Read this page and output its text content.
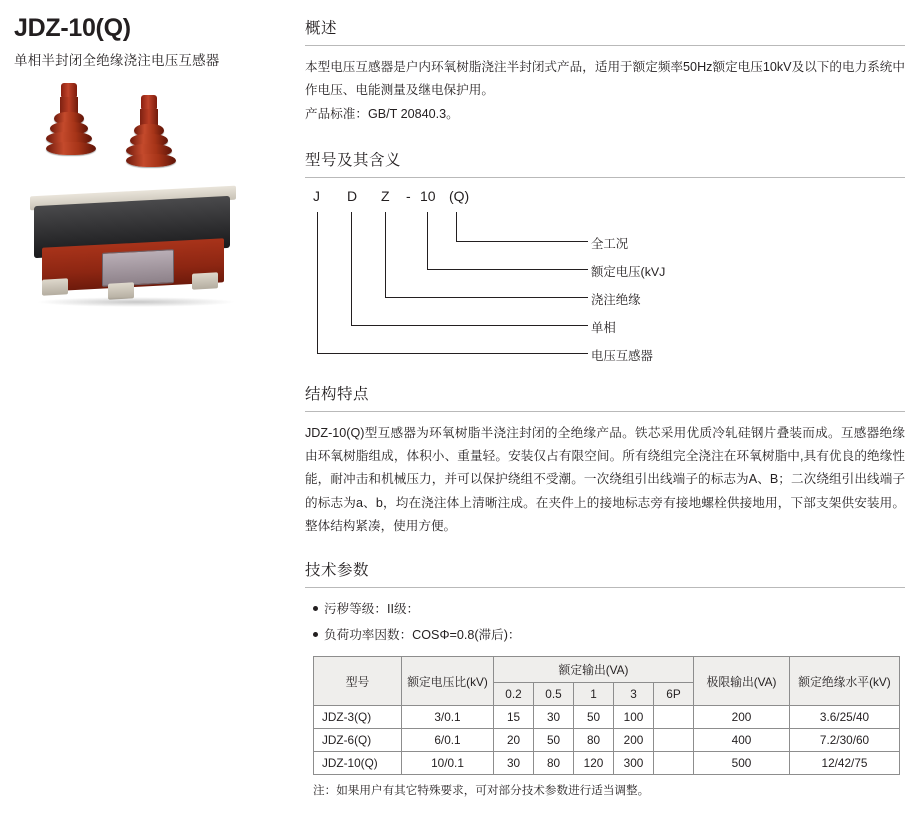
JDZ-10(Q)
单相半封闭全绝缘浇注电压互感器
概述

本型电压互感器是户内环氧树脂浇注半封闭式产品，适用于额定频率50Hz额定电压10kV及以下的电力系统中作电压、电能测量及继电保护用。

产品标准：GB/T 20840.3。

型号及其含义
J D Z - 10 (Q)
全工况
额定电压(kVJ
浇注绝缘
单相
电压互感器
结构特点

JDZ-10(Q)型互感器为环氧树脂半浇注封闭的全绝缘产品。铁芯采用优质冷轧硅钢片叠装而成。互感器绝缘由环氧树脂组成，体积小、重量轻。安装仅占有限空间。所有绕组完全浇注在环氧树脂中,具有优良的绝缘性能，耐冲击和机械压力，并可以保护绕组不受潮。一次绕组引出线端子的标志为A、B；二次绕组引出线端子的标志为a、b，均在浇注体上清晰注成。在夹件上的接地标志旁有接地螺栓供接地用，下部支架供安装用。整体结构紧凑，使用方便。

技术参数
污秽等级：II级：
负荷功率因数：COSΦ=0.8(滞后)：
型号	额定电压比(kV)	额定输出(VA)					极限输出(VA)	额定绝缘水平(kV)
		0.2	0.5	1	3	6P		
JDZ-3(Q)	3/0.1	15	30	50	100		200	3.6/25/40
JDZ-6(Q)	6/0.1	20	50	80	200		400	7.2/30/60
JDZ-10(Q)	10/0.1	30	80	120	300		500	12/42/75
注：如果用户有其它特殊要求，可对部分技术参数进行适当调整。
